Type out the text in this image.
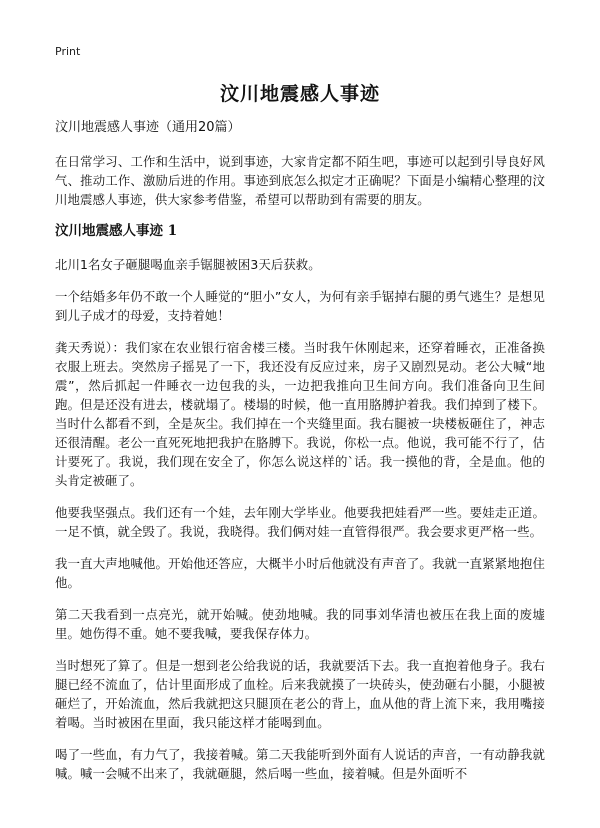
Print
汶川地震感人事迹

汶川地震感人事迹（通用20篇）

在日常学习、工作和生活中，说到事迹，大家肯定都不陌生吧，事迹可以起到引导良好风气、推动工作、激励后进的作用。事迹到底怎么拟定才正确呢？下面是小编精心整理的汶川地震感人事迹，供大家参考借鉴，希望可以帮助到有需要的朋友。

汶川地震感人事迹 1

北川1名女子砸腿喝血亲手锯腿被困3天后获救。

一个结婚多年仍不敢一个人睡觉的“胆小”女人，为何有亲手锯掉右腿的勇气逃生？是想见到儿子成才的母爱，支持着她！

龚天秀说）：我们家在农业银行宿舍楼三楼。当时我午休刚起来，还穿着睡衣，正准备换衣服上班去。突然房子摇晃了一下，我还没有反应过来，房子又剧烈晃动。老公大喊“地震”，然后抓起一件睡衣一边包我的头，一边把我推向卫生间方向。我们准备向卫生间跑。但是还没有进去，楼就塌了。楼塌的时候，他一直用胳膊护着我。我们掉到了楼下。当时什么都看不到，全是灰尘。我们掉在一个夹缝里面。我右腿被一块楼板砸住了，神志还很清醒。老公一直死死地把我护在胳膊下。我说，你松一点。他说，我可能不行了，估计要死了。我说，我们现在安全了，你怎么说这样的`话。我一摸他的背，全是血。他的头肯定被砸了。

他要我坚强点。我们还有一个娃，去年刚大学毕业。他要我把娃看严一些。要娃走正道。一足不慎，就全毁了。我说，我晓得。我们俩对娃一直管得很严。我会要求更严格一些。

我一直大声地喊他。开始他还答应，大概半小时后他就没有声音了。我就一直紧紧地抱住他。

第二天我看到一点亮光，就开始喊。使劲地喊。我的同事刘华清也被压在我上面的废墟里。她伤得不重。她不要我喊，要我保存体力。

当时想死了算了。但是一想到老公给我说的话，我就要活下去。我一直抱着他身子。我右腿已经不流血了，估计里面形成了血栓。后来我就摸了一块砖头，使劲砸右小腿，小腿被砸烂了，开始流血，然后我就把这只腿顶在老公的背上，血从他的背上流下来，我用嘴接着喝。当时被困在里面，我只能这样才能喝到血。

喝了一些血，有力气了，我接着喊。第二天我能听到外面有人说话的声音，一有动静我就喊。喊一会喊不出来了，我就砸腿，然后喝一些血，接着喊。但是外面听不
